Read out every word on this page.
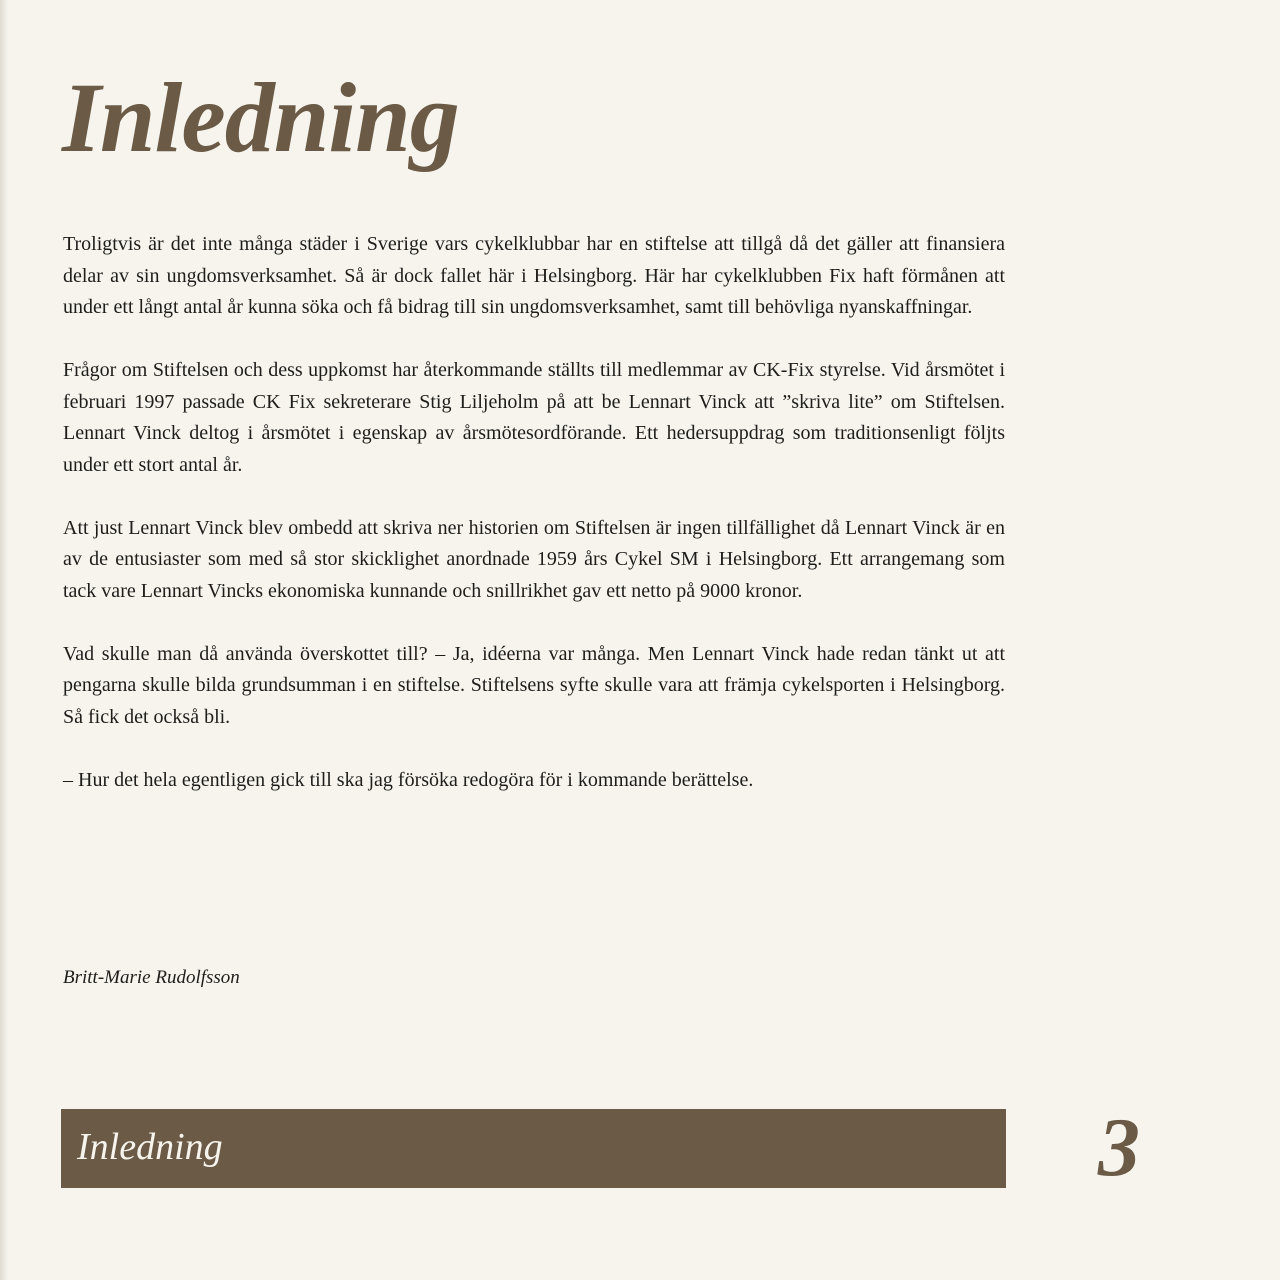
Inledning

Troligtvis är det inte många städer i Sverige vars cykelklubbar har en stiftelse att tillgå då det gäller att finansiera delar av sin ungdomsverksamhet. Så är dock fallet här i Helsingborg. Här har cykelklubben Fix haft förmånen att under ett långt antal år kunna söka och få bidrag till sin ungdomsverksamhet, samt till behövliga nyanskaffningar.

Frågor om Stiftelsen och dess uppkomst har återkommande ställts till medlemmar av CK-Fix styrelse. Vid årsmötet i februari 1997 passade CK Fix sekreterare Stig Liljeholm på att be Lennart Vinck att ”skriva lite” om Stiftelsen. Lennart Vinck deltog i årsmötet i egenskap av årsmötesordförande. Ett hedersuppdrag som traditionsenligt följts under ett stort antal år.

Att just Lennart Vinck blev ombedd att skriva ner historien om Stiftelsen är ingen tillfällighet då Lennart Vinck är en av de entusiaster som med så stor skicklighet anordnade 1959 års Cykel SM i Helsingborg. Ett arrangemang som tack vare Lennart Vincks ekonomiska kunnande och snillrikhet gav ett netto på 9000 kronor.

Vad skulle man då använda överskottet till? – Ja, idéerna var många. Men Lennart Vinck hade redan tänkt ut att pengarna skulle bilda grundsumman i en stiftelse. Stiftelsens syfte skulle vara att främja cykelsporten i Helsingborg. Så fick det också bli.

– Hur det hela egentligen gick till ska jag försöka redogöra för i kommande berättelse.

Britt-Marie Rudolfsson
Inledning	3
